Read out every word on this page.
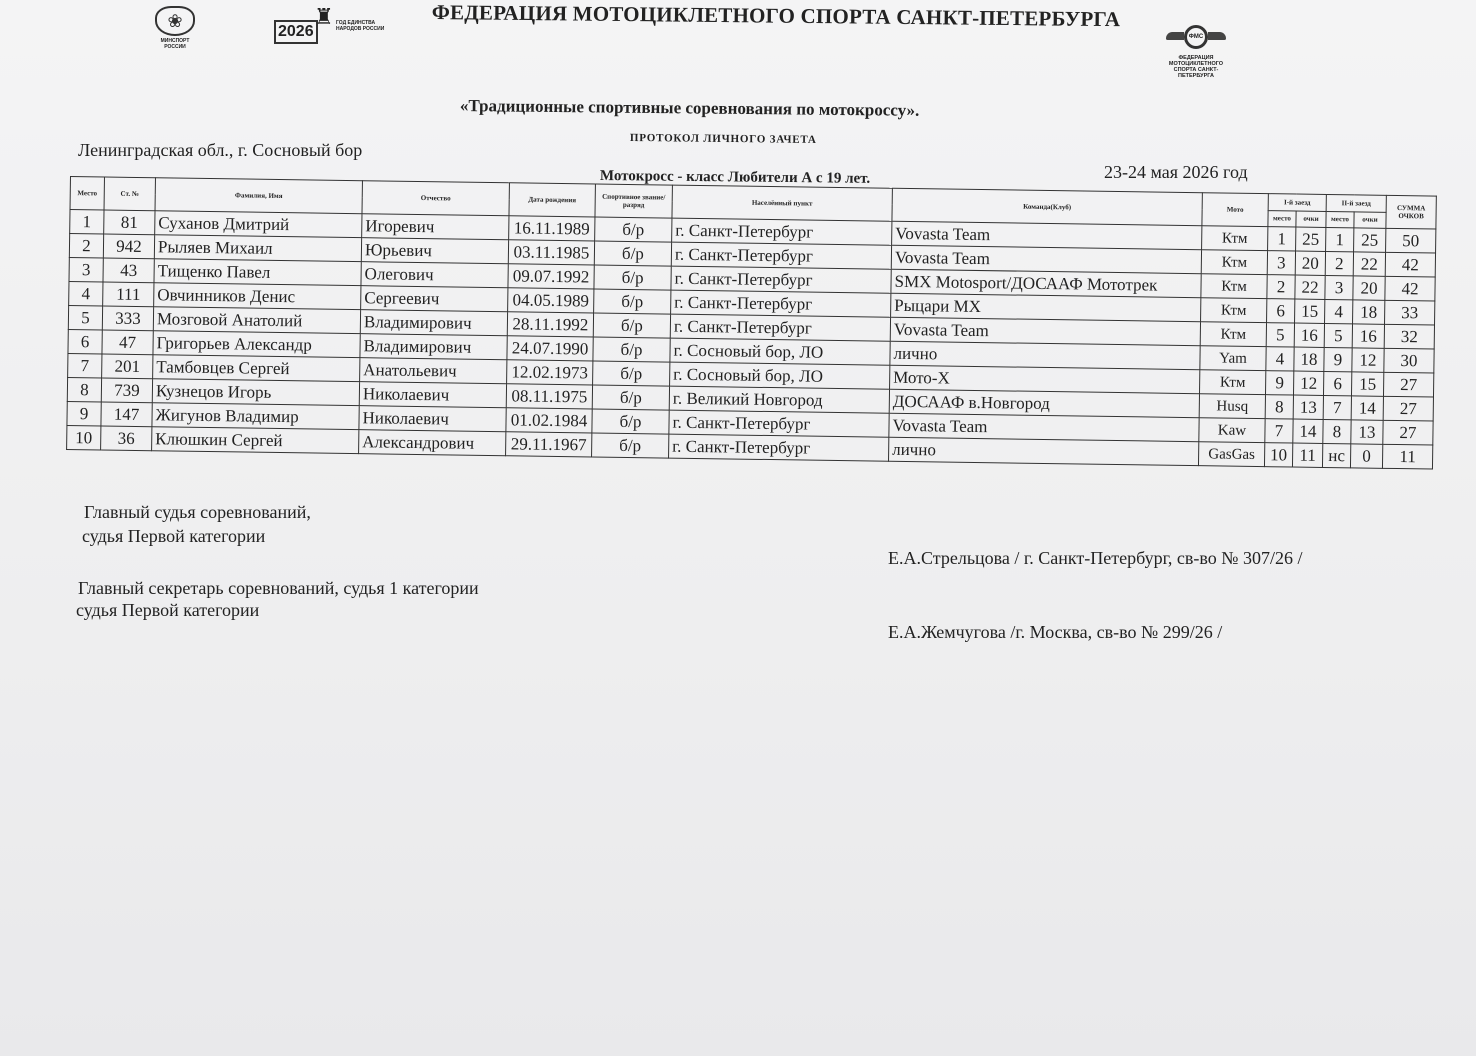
❀
МИНСПОРТ РОССИИ
2026
♜ ГОД ЕДИНСТВА НАРОДОВ РОССИИ ФЕДЕРАЦИЯ МОТОЦИКЛЕТНОГО СПОРТА САНКТ-ПЕТЕРБУРГА
ФМС
ФЕДЕРАЦИЯ МОТОЦИКЛЕТНОГО СПОРТА САНКТ-ПЕТЕРБУРГА
«Традиционные спортивные соревнования по мотокроссу».
ПРОТОКОЛ ЛИЧНОГО ЗАЧЕТА
Ленинградская обл., г. Сосновый бор
Мотокросс - класс Любители А с 19 лет.	23-24 мая 2026 год
Место	Ст. №	Фамилия, Имя	Отчество	Дата рождения	Спортивное звание/разряд	Населённый пункт	Команда(Клуб)	Мото	I-й заезд		II-й заезд		СУММА ОЧКОВ
									место	очки	место	очки	
1	81	Суханов Дмитрий	Игоревич	16.11.1989	б/р	г. Санкт-Петербург	Vovasta Team	Ктм	1	25	1	25	50
2	942	Рыляев Михаил	Юрьевич	03.11.1985	б/р	г. Санкт-Петербург	Vovasta Team	Ктм	3	20	2	22	42
3	43	Тищенко Павел	Олегович	09.07.1992	б/р	г. Санкт-Петербург	SMX Motosport/ДОСААФ Мототрек	Ктм	2	22	3	20	42
4	111	Овчинников Денис	Сергеевич	04.05.1989	б/р	г. Санкт-Петербург	Рыцари МХ	Ктм	6	15	4	18	33
5	333	Мозговой Анатолий	Владимирович	28.11.1992	б/р	г. Санкт-Петербург	Vovasta Team	Ктм	5	16	5	16	32
6	47	Григорьев Александр	Владимирович	24.07.1990	б/р	г. Сосновый бор, ЛО	лично	Yam	4	18	9	12	30
7	201	Тамбовцев Сергей	Анатольевич	12.02.1973	б/р	г. Сосновый бор, ЛО	Мото-Х	Ктм	9	12	6	15	27
8	739	Кузнецов Игорь	Николаевич	08.11.1975	б/р	г. Великий Новгород	ДОСААФ в.Новгород	Husq	8	13	7	14	27
9	147	Жигунов Владимир	Николаевич	01.02.1984	б/р	г. Санкт-Петербург	Vovasta Team	Kaw	7	14	8	13	27
10	36	Клюшкин Сергей	Александрович	29.11.1967	б/р	г. Санкт-Петербург	лично	GasGas	10	11	нс	0	11
Главный судья соревнований,
судья Первой категории
Е.А.Стрельцова / г. Санкт-Петербург, св-во № 307/26 /
Главный секретарь соревнований, судья 1 категории
судья Первой категории
Е.А.Жемчугова /г. Москва, св-во № 299/26 /
